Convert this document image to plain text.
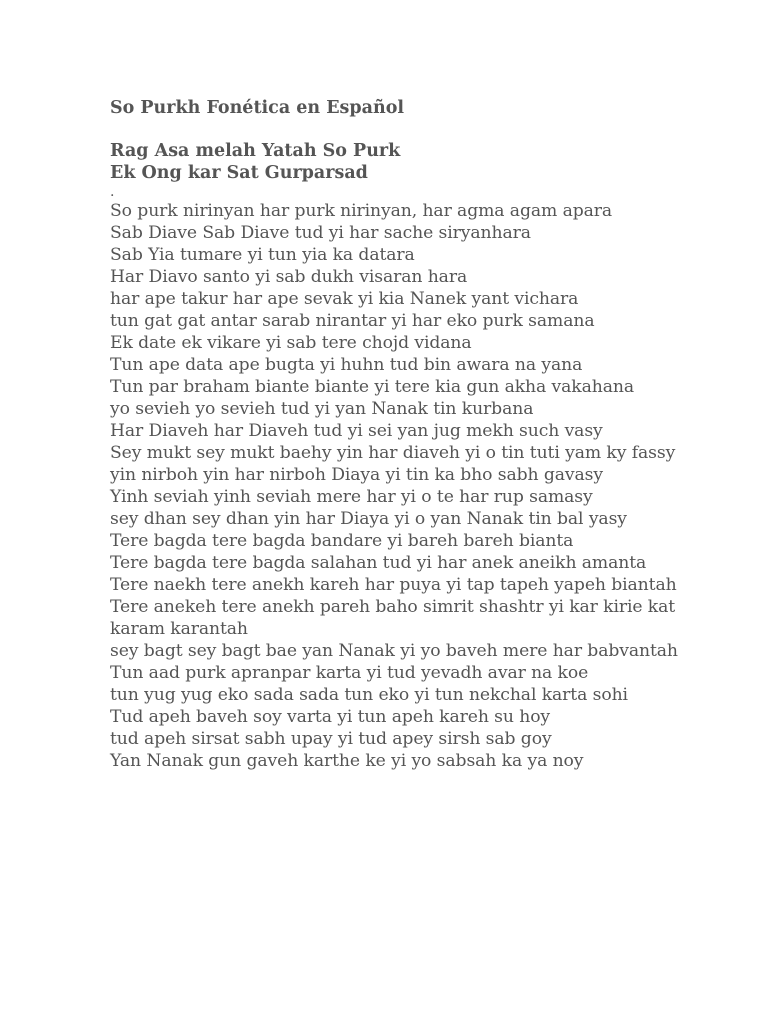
So Purkh Fonética en Español
Rag Asa melah Yatah So Purk
Ek Ong kar Sat Gurparsad
.

So purk nirinyan har purk nirinyan, har agma agam apara

Sab Diave Sab Diave tud yi har sache siryanhara

Sab Yia tumare yi tun yia ka datara

Har Diavo santo yi sab dukh visaran hara

har ape takur har ape sevak yi kia Nanek yant vichara

tun gat gat antar sarab nirantar yi har eko purk samana

Ek date ek vikare yi sab tere chojd vidana

Tun ape data ape bugta yi huhn tud bin awara na yana

Tun par braham biante biante yi tere kia gun akha vakahana

yo sevieh yo sevieh tud yi yan Nanak tin kurbana

Har Diaveh har Diaveh tud yi sei yan jug mekh such vasy

Sey mukt sey mukt baehy yin har diaveh yi o tin tuti yam ky fassy

yin nirboh yin har nirboh Diaya yi tin ka bho sabh gavasy

Yinh seviah yinh seviah mere har yi o te har rup samasy

sey dhan sey dhan yin har Diaya yi o yan Nanak tin bal yasy

Tere bagda tere bagda bandare yi bareh bareh bianta

Tere bagda tere bagda salahan tud yi har anek aneikh amanta

Tere naekh tere anekh kareh har puya yi tap tapeh yapeh biantah

Tere anekeh tere anekh pareh baho simrit shashtr yi kar kirie kat karam karantah

sey bagt sey bagt bae yan Nanak yi yo baveh mere har babvantah

Tun aad purk apranpar karta yi tud yevadh avar na koe

tun yug yug eko sada sada tun eko yi tun nekchal karta sohi

Tud apeh baveh soy varta yi tun apeh kareh su hoy

tud apeh sirsat sabh upay yi tud apey sirsh sab goy

Yan Nanak gun gaveh karthe ke yi yo sabsah ka ya noy
